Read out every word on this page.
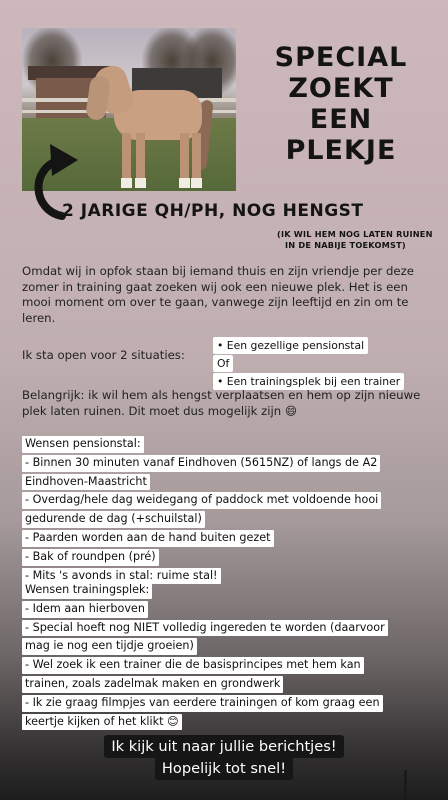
SPECIAL
ZOEKT
EEN
PLEKJE
2 JARIGE QH/PH, NOG HENGST
(IK WIL HEM NOG LATEN RUINEN
IN DE NABIJE TOEKOMST)
Omdat wij in opfok staan bij iemand thuis en zijn vriendje per deze zomer in training gaat zoeken wij ook een nieuwe plek. Het is een mooi moment om over te gaan, vanwege zijn leeftijd en zin om te leren.
Ik sta open voor 2 situaties:
• Een gezellige pensionstal
Of
• Een trainingsplek bij een trainer
Belangrijk: ik wil hem als hengst verplaatsen en hem op zijn nieuwe plek laten ruinen. Dit moet dus mogelijk zijn 😄
Wensen pensionstal:
- Binnen 30 minuten vanaf Eindhoven (5615NZ) of langs de A2
Eindhoven-Maastricht
- Overdag/hele dag weidegang of paddock met voldoende hooi
gedurende de dag (+schuilstal)
- Paarden worden aan de hand buiten gezet
- Bak of roundpen (pré)
- Mits 's avonds in stal: ruime stal!
Wensen trainingsplek:
- Idem aan hierboven
- Special hoeft nog NIET volledig ingereden te worden (daarvoor
mag ie nog een tijdje groeien)
- Wel zoek ik een trainer die de basisprincipes met hem kan
trainen, zoals zadelmak maken en grondwerk
- Ik zie graag filmpjes van eerdere trainingen of kom graag een
keertje kijken of het klikt 😊
Ik kijk uit naar jullie berichtjes!
Hopelijk tot snel!
